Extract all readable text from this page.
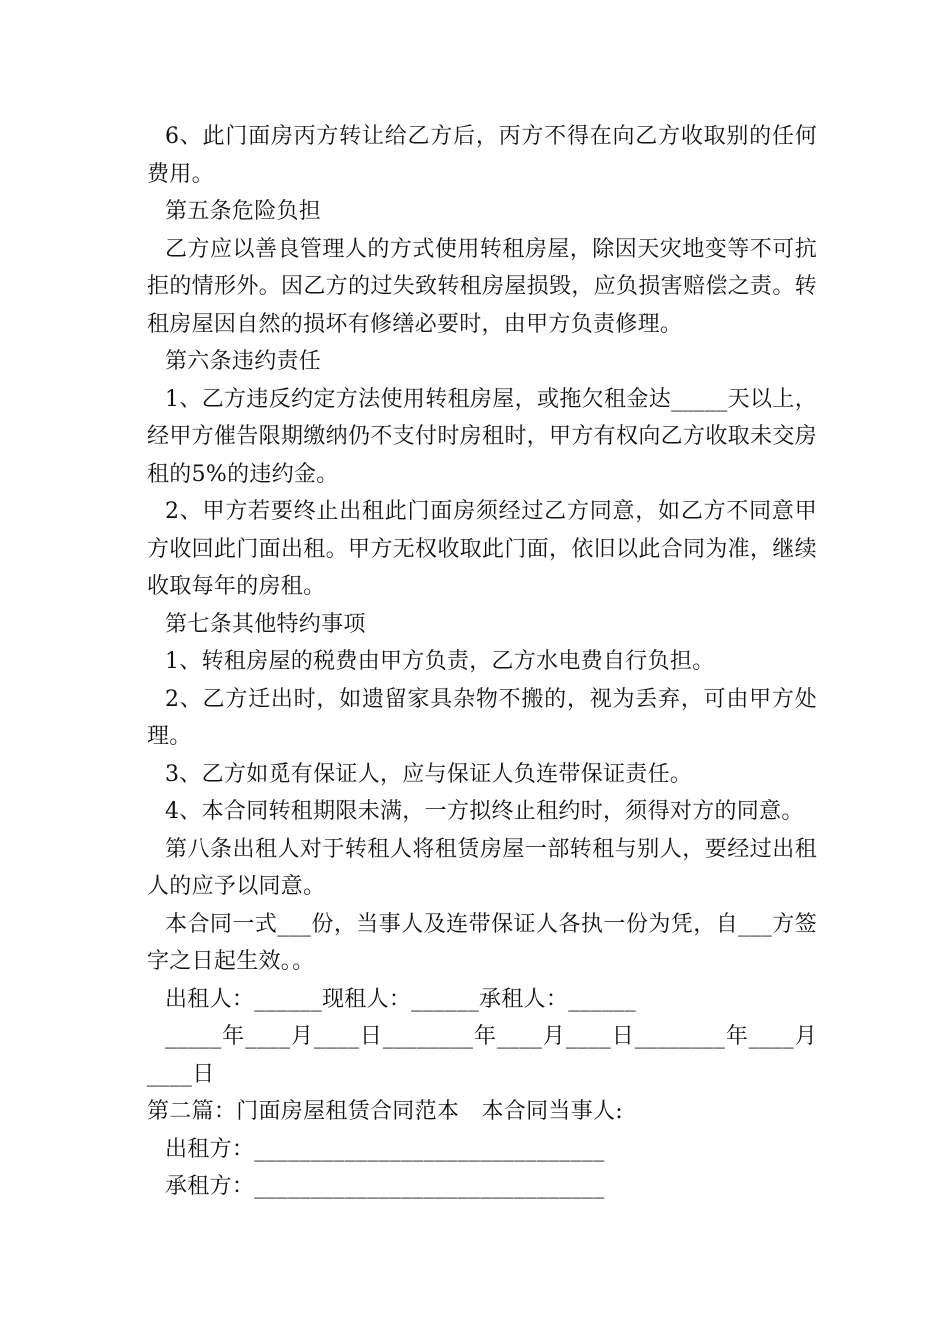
6、此门面房丙方转让给乙方后，丙方不得在向乙方收取别的任何费用。

第五条危险负担

乙方应以善良管理人的方式使用转租房屋，除因天灾地变等不可抗拒的情形外。因乙方的过失致转租房屋损毁，应负损害赔偿之责。转租房屋因自然的损坏有修缮必要时，由甲方负责修理。

第六条违约责任

1、乙方违反约定方法使用转租房屋，或拖欠租金达_____天以上，经甲方催告限期缴纳仍不支付时房租时，甲方有权向乙方收取未交房租的5%的违约金。

2、甲方若要终止出租此门面房须经过乙方同意，如乙方不同意甲方收回此门面出租。甲方无权收取此门面，依旧以此合同为准，继续收取每年的房租。

第七条其他特约事项

1、转租房屋的税费由甲方负责，乙方水电费自行负担。

2、乙方迁出时，如遗留家具杂物不搬的，视为丢弃，可由甲方处理。

3、乙方如觅有保证人，应与保证人负连带保证责任。

4、本合同转租期限未满，一方拟终止租约时，须得对方的同意。

第八条出租人对于转租人将租赁房屋一部转租与别人，要经过出租人的应予以同意。

本合同一式___份，当事人及连带保证人各执一份为凭，自___方签字之日起生效。。

出租人：______现租人：______承租人：______

_____年____月____日________年____月____日________年____月____日

第二篇：门面房屋租赁合同范本　本合同当事人:

出租方：_______________________________

承租方：_______________________________
